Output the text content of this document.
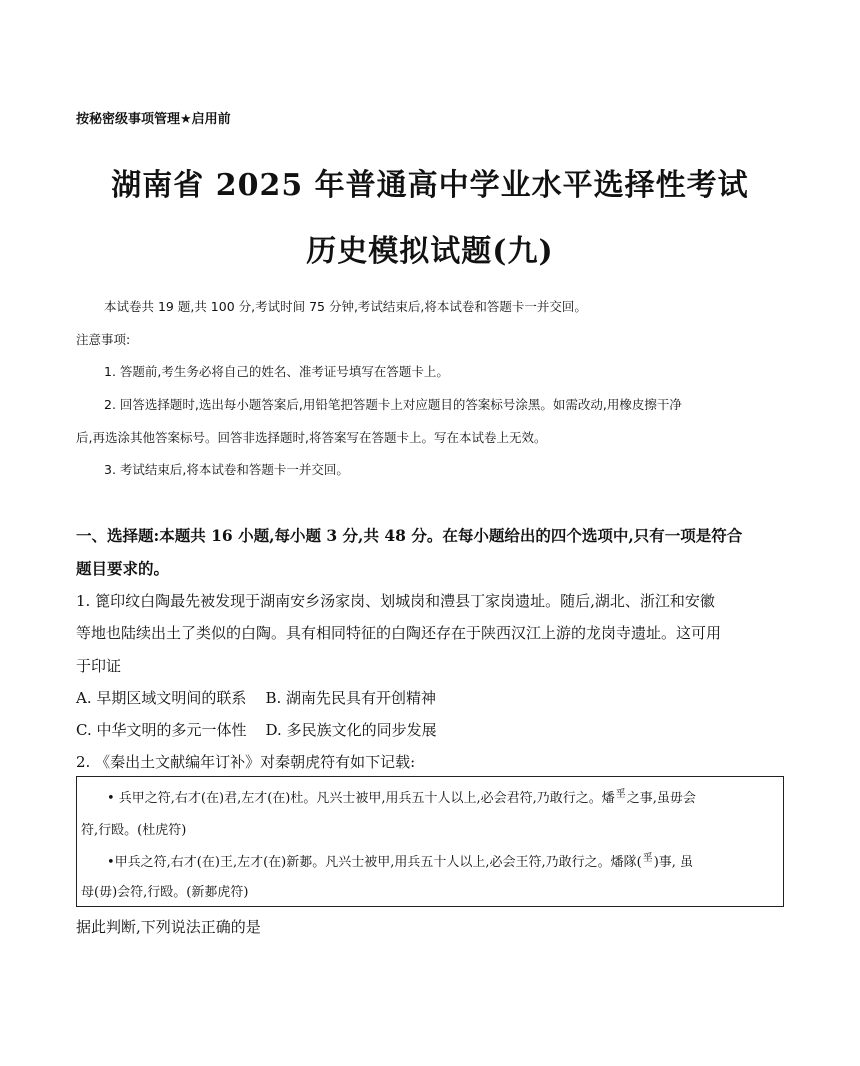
按秘密级事项管理★启用前
湖南省 2025 年普通高中学业水平选择性考试
历史模拟试题(九)
本试卷共 19 题,共 100 分,考试时间 75 分钟,考试结束后,将本试卷和答题卡一并交回。
注意事项:
1. 答题前,考生务必将自己的姓名、准考证号填写在答题卡上。
2. 回答选择题时,选出每小题答案后,用铅笔把答题卡上对应题目的答案标号涂黑。如需改动,用橡皮擦干净
后,再选涂其他答案标号。回答非选择题时,将答案写在答题卡上。写在本试卷上无效。
3. 考试结束后,将本试卷和答题卡一并交回。
一、选择题:本题共 16 小题,每小题 3 分,共 48 分。在每小题给出的四个选项中,只有一项是符合
题目要求的。
1. 篦印纹白陶最先被发现于湖南安乡汤家岗、划城岗和澧县丁家岗遗址。随后,湖北、浙江和安徽
等地也陆续出土了类似的白陶。具有相同特征的白陶还存在于陕西汉江上游的龙岗寺遗址。这可用
于印证
A. 早期区域文明间的联系    B. 湖南先民具有开创精神
C. 中华文明的多元一体性    D. 多民族文化的同步发展
2. 《秦出土文献编年订补》对秦朝虎符有如下记载:
• 兵甲之符,右才(在)君,左才(在)杜。凡兴士被甲,用兵五十人以上,必会君符,乃敢行之。燔㸒之事,虽毋会
符,行殹。(杜虎符)
•甲兵之符,右才(在)王,左才(在)新郪。凡兴士被甲,用兵五十人以上,必会王符,乃敢行之。燔隊(㸒)事, 虽
母(毋)会符,行殹。(新郪虎符)
据此判断,下列说法正确的是
